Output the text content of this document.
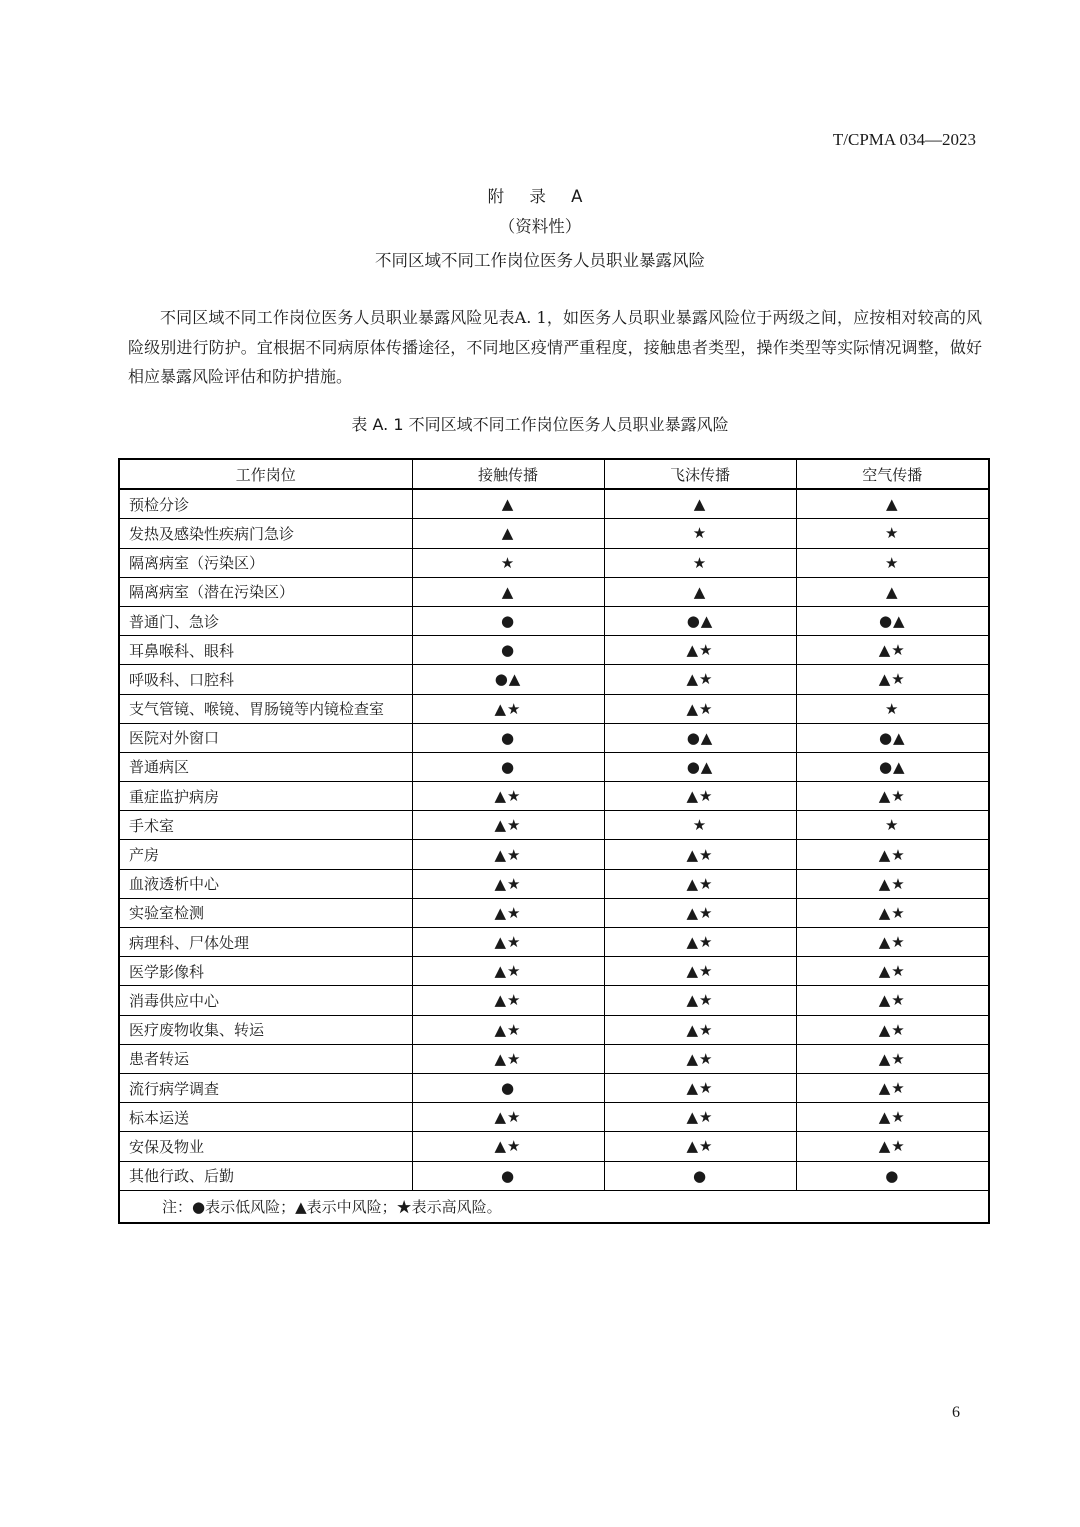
T/CPMA 034—2023
附 录 A
（资料性）
不同区域不同工作岗位医务人员职业暴露风险

不同区域不同工作岗位医务人员职业暴露风险见表A. 1，如医务人员职业暴露风险位于两级之间，应按相对较高的风险级别进行防护。宜根据不同病原体传播途径，不同地区疫情严重程度，接触患者类型，操作类型等实际情况调整，做好相应暴露风险评估和防护措施。

表 A. 1 不同区域不同工作岗位医务人员职业暴露风险
工作岗位	接触传播	飞沫传播	空气传播
预检分诊	▲	▲	▲
发热及感染性疾病门急诊	▲	★	★
隔离病室（污染区）	★	★	★
隔离病室（潜在污染区）	▲	▲	▲
普通门、急诊	●	●▲	●▲
耳鼻喉科、眼科	●	▲★	▲★
呼吸科、口腔科	●▲	▲★	▲★
支气管镜、喉镜、胃肠镜等内镜检查室	▲★	▲★	★
医院对外窗口	●	●▲	●▲
普通病区	●	●▲	●▲
重症监护病房	▲★	▲★	▲★
手术室	▲★	★	★
产房	▲★	▲★	▲★
血液透析中心	▲★	▲★	▲★
实验室检测	▲★	▲★	▲★
病理科、尸体处理	▲★	▲★	▲★
医学影像科	▲★	▲★	▲★
消毒供应中心	▲★	▲★	▲★
医疗废物收集、转运	▲★	▲★	▲★
患者转运	▲★	▲★	▲★
流行病学调查	●	▲★	▲★
标本运送	▲★	▲★	▲★
安保及物业	▲★	▲★	▲★
其他行政、后勤	●	●	●
注：●表示低风险；▲表示中风险；★表示高风险。			
6
